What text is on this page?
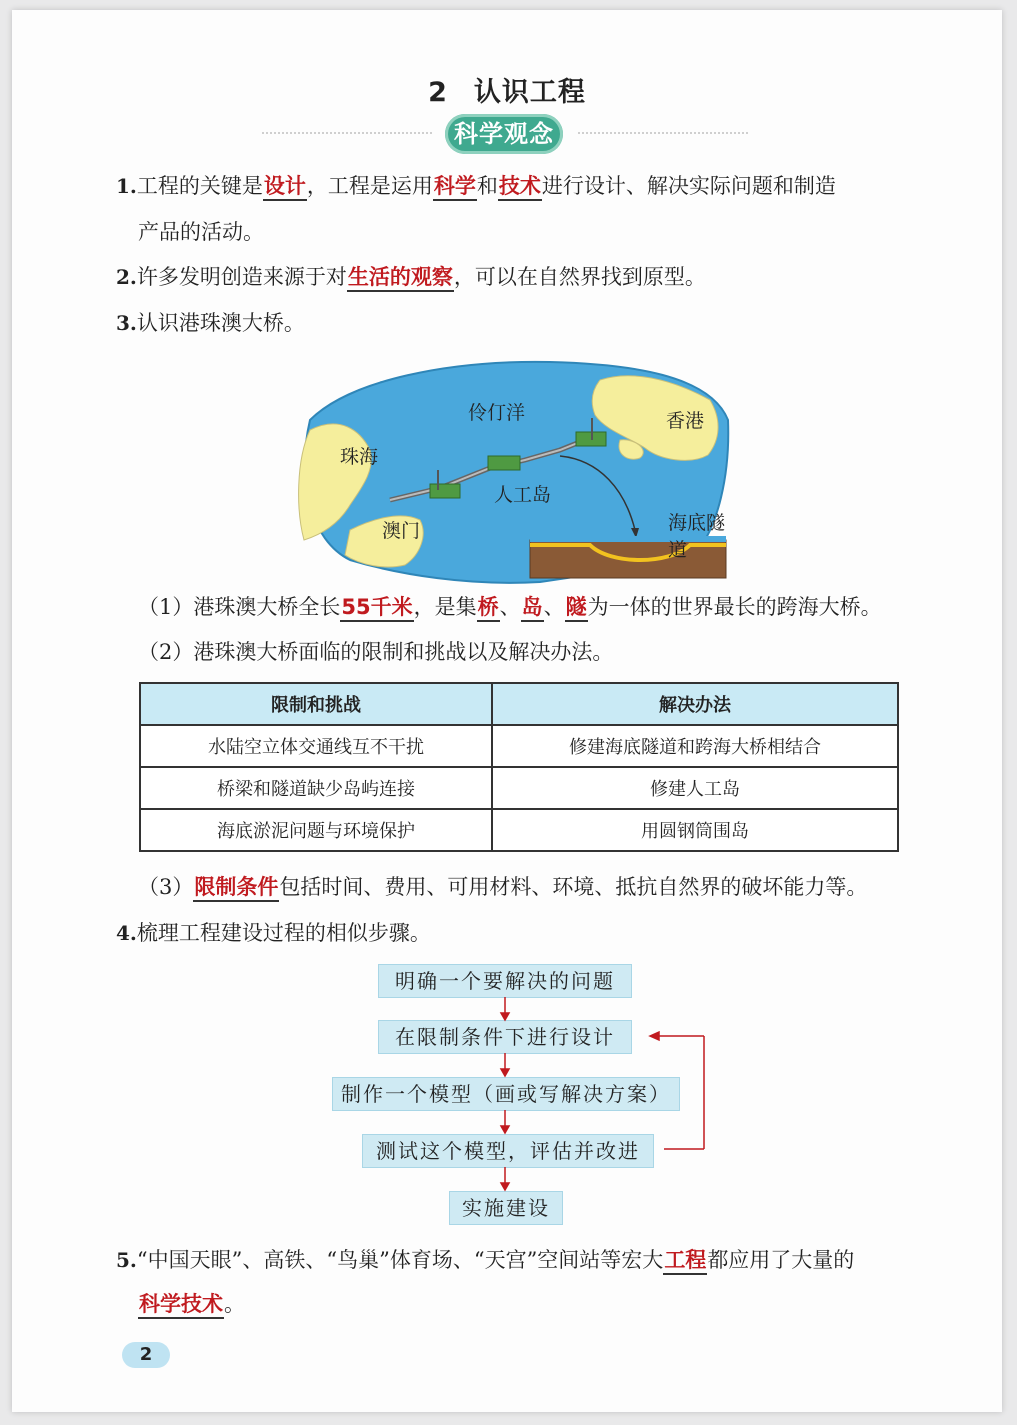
2 认识工程
科学观念
1.工程的关键是设计，工程是运用科学和技术进行设计、解决实际问题和制造
产品的活动。
2.许多发明创造来源于对生活的观察，可以在自然界找到原型。
3.认识港珠澳大桥。
伶仃洋	香港
珠海
人工岛
澳门	海底隧道
（1）港珠澳大桥全长55千米，是集桥、岛、隧为一体的世界最长的跨海大桥。
（2）港珠澳大桥面临的限制和挑战以及解决办法。
限制和挑战	解决办法
水陆空立体交通线互不干扰	修建海底隧道和跨海大桥相结合
桥梁和隧道缺少岛屿连接	修建人工岛
海底淤泥问题与环境保护	用圆钢筒围岛
（3）限制条件包括时间、费用、可用材料、环境、抵抗自然界的破坏能力等。
4.梳理工程建设过程的相似步骤。
明确一个要解决的问题
在限制条件下进行设计
制作一个模型（画或写解决方案）
测试这个模型，评估并改进
实施建设
5.“中国天眼”、高铁、“鸟巢”体育场、“天宫”空间站等宏大工程都应用了大量的
科学技术。
2
